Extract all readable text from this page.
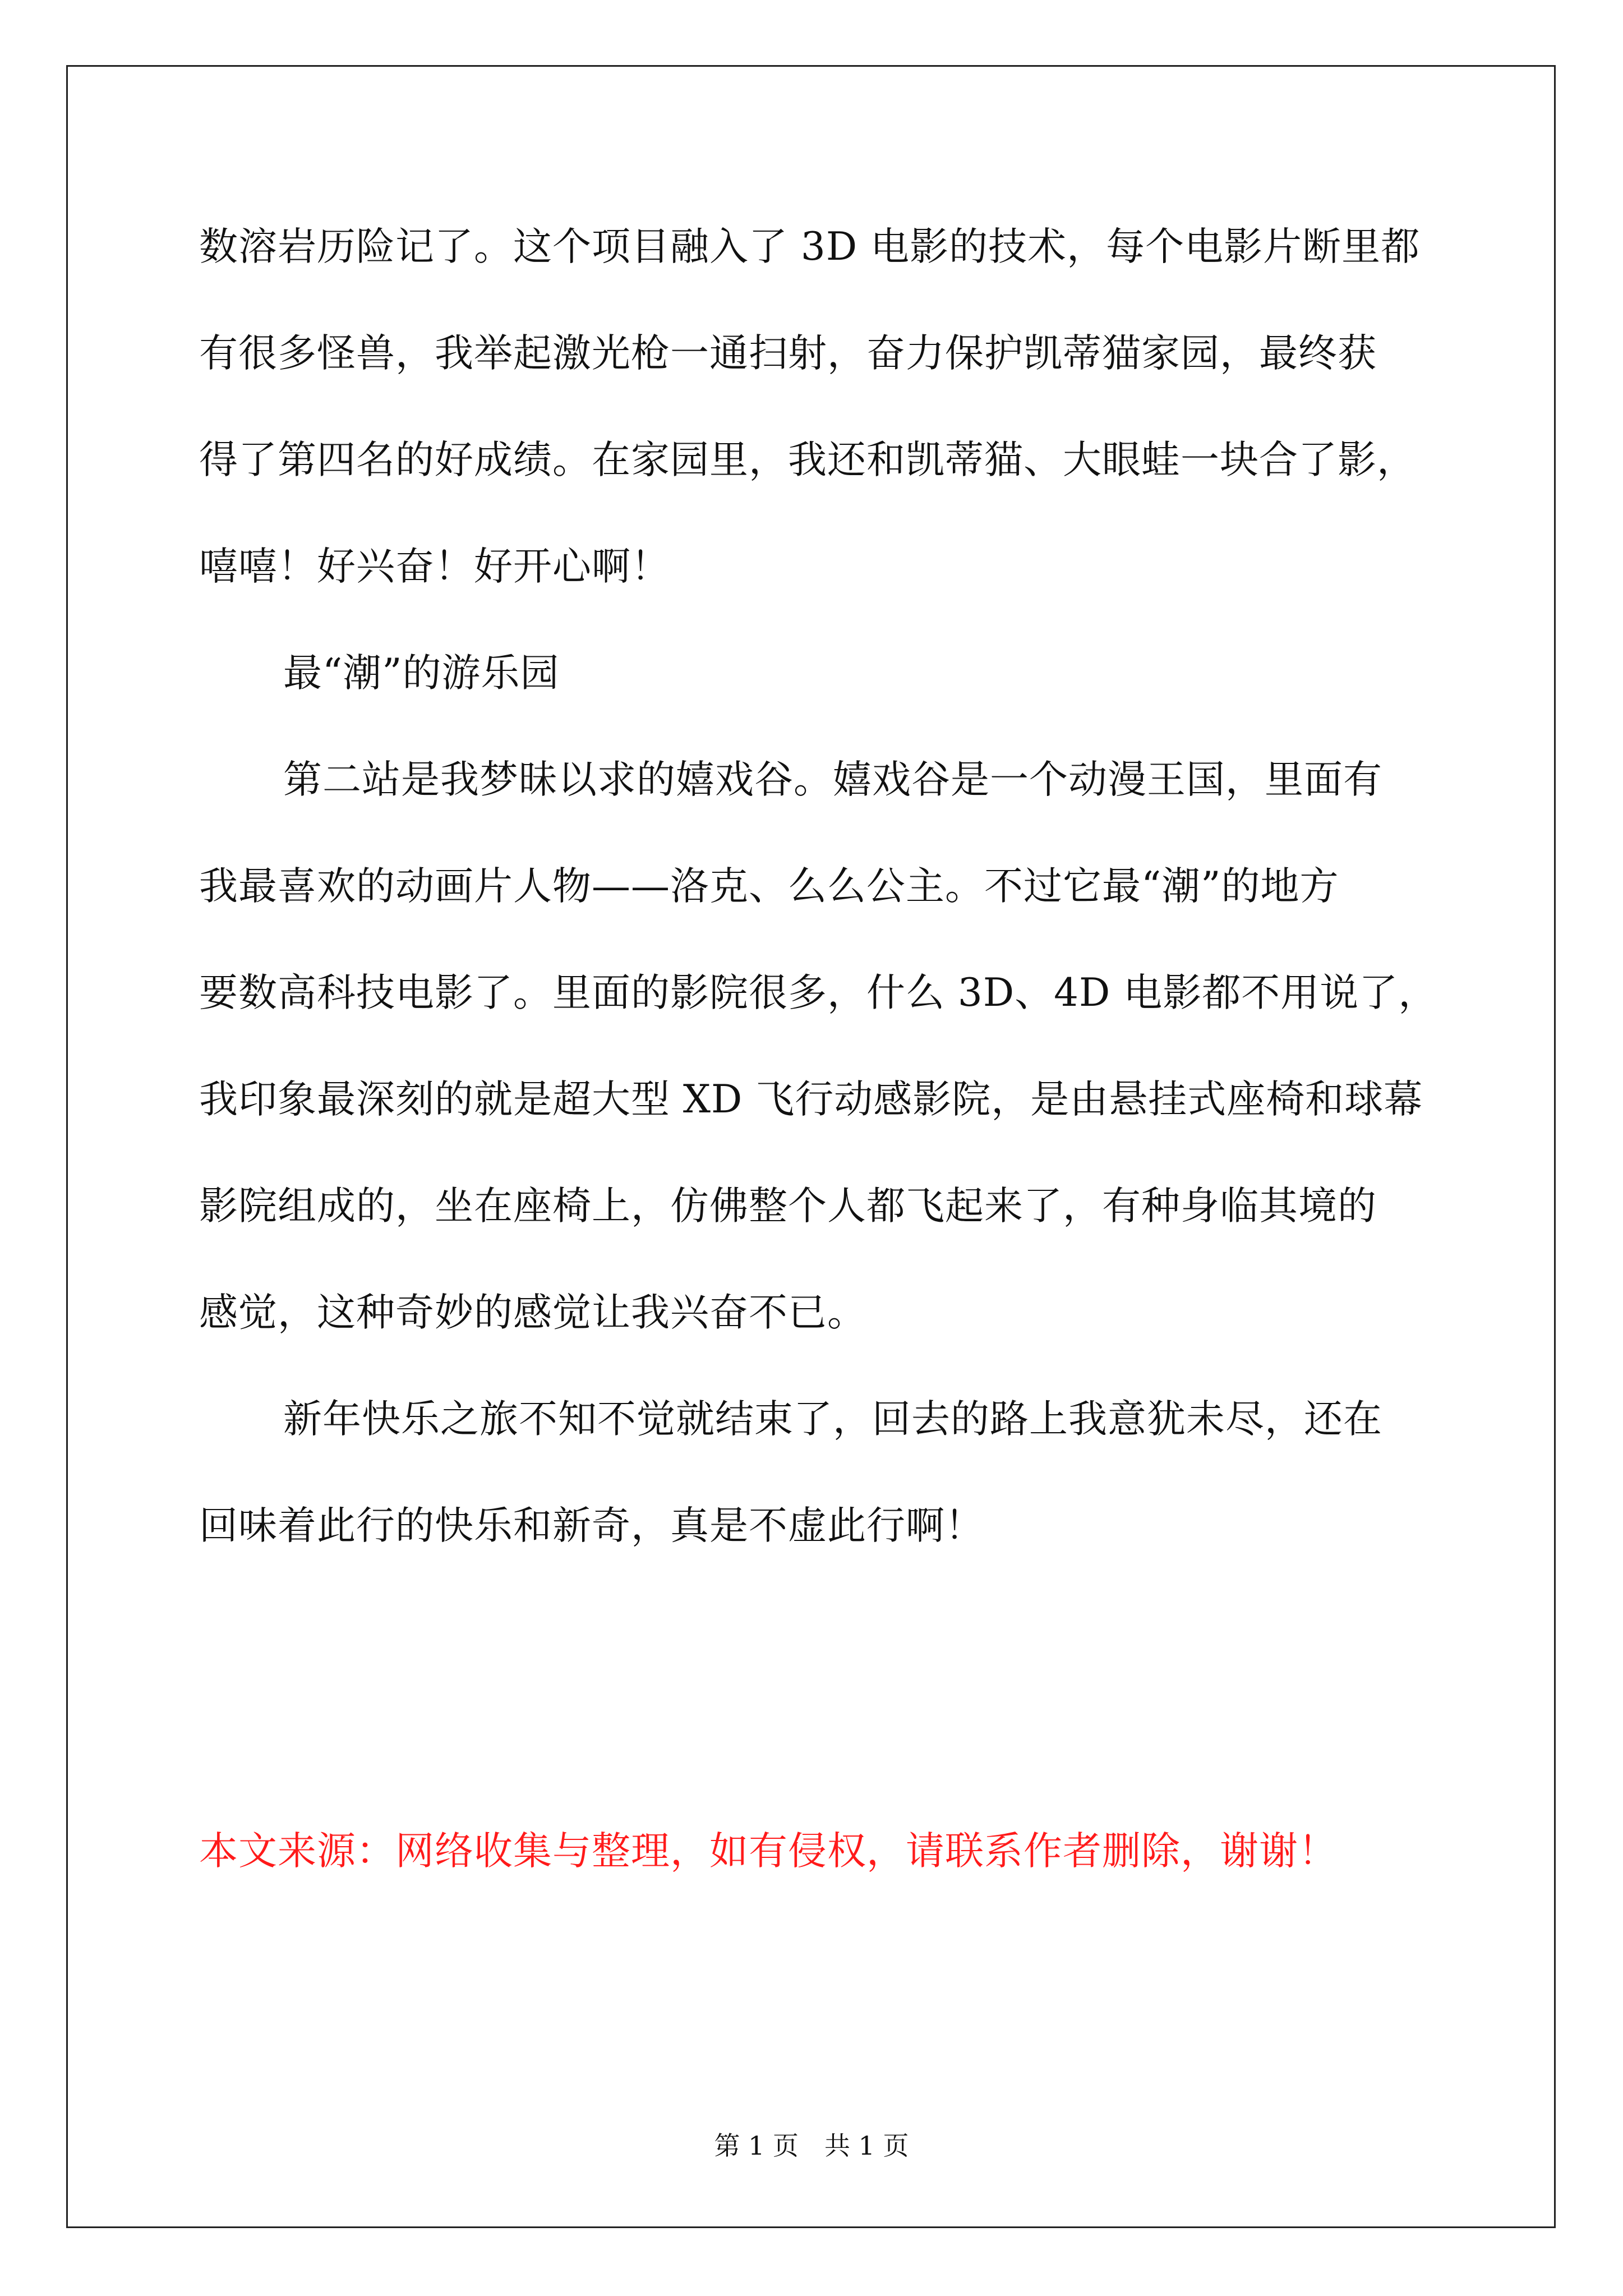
数溶岩历险记了。这个项目融入了 3D 电影的技术，每个电影片断里都
有很多怪兽，我举起激光枪一通扫射，奋力保护凯蒂猫家园，最终获
得了第四名的好成绩。在家园里，我还和凯蒂猫、大眼蛙一块合了影，
嘻嘻！好兴奋！好开心啊！
最“潮”的游乐园
第二站是我梦昧以求的嬉戏谷。嬉戏谷是一个动漫王国，里面有
我最喜欢的动画片人物——洛克、么么公主。不过它最“潮”的地方
要数高科技电影了。里面的影院很多，什么 3D、4D 电影都不用说了，
我印象最深刻的就是超大型 XD 飞行动感影院，是由悬挂式座椅和球幕
影院组成的，坐在座椅上，仿佛整个人都飞起来了，有种身临其境的
感觉，这种奇妙的感觉让我兴奋不已。
新年快乐之旅不知不觉就结束了，回去的路上我意犹未尽，还在
回味着此行的快乐和新奇，真是不虚此行啊！
本文来源：网络收集与整理，如有侵权，请联系作者删除，谢谢！
第 1 页　共 1 页
